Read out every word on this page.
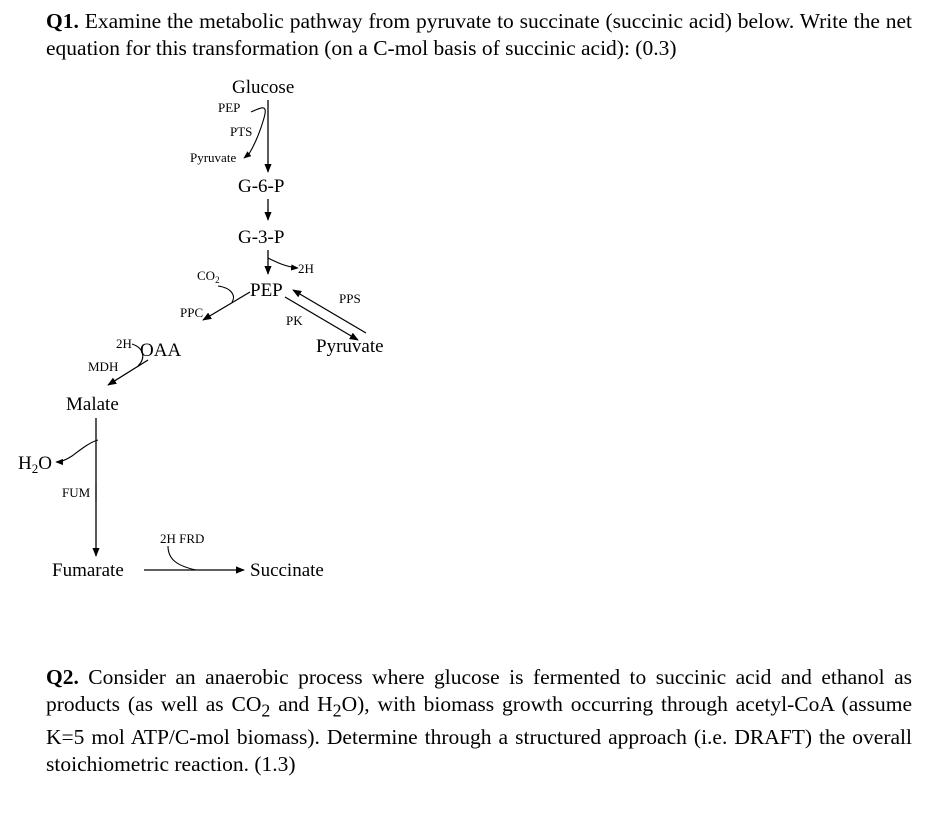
Q1. Examine the metabolic pathway from pyruvate to succinate (succinic acid) below. Write the net equation for this transformation (on a C-mol basis of succinic acid): (0.3)

Glucose
PEP
PTS
Pyruvate
G-6-P
G-3-P
2H
PEP
$CO_2$
PPC
PPS
PK
Pyruvate
OAA
2H
MDH
Malate
$H_2O$
FUM
Fumarate
2H FRD
Succinate

Q2. Consider an anaerobic process where glucose is fermented to succinic acid and ethanol as products (as well as $CO_2$ and $H_2O$), with biomass growth occurring through acetyl-CoA (assume K=5 mol ATP/C-mol biomass). Determine through a structured approach (i.e. DRAFT) the overall stoichiometric reaction. (1.3)
